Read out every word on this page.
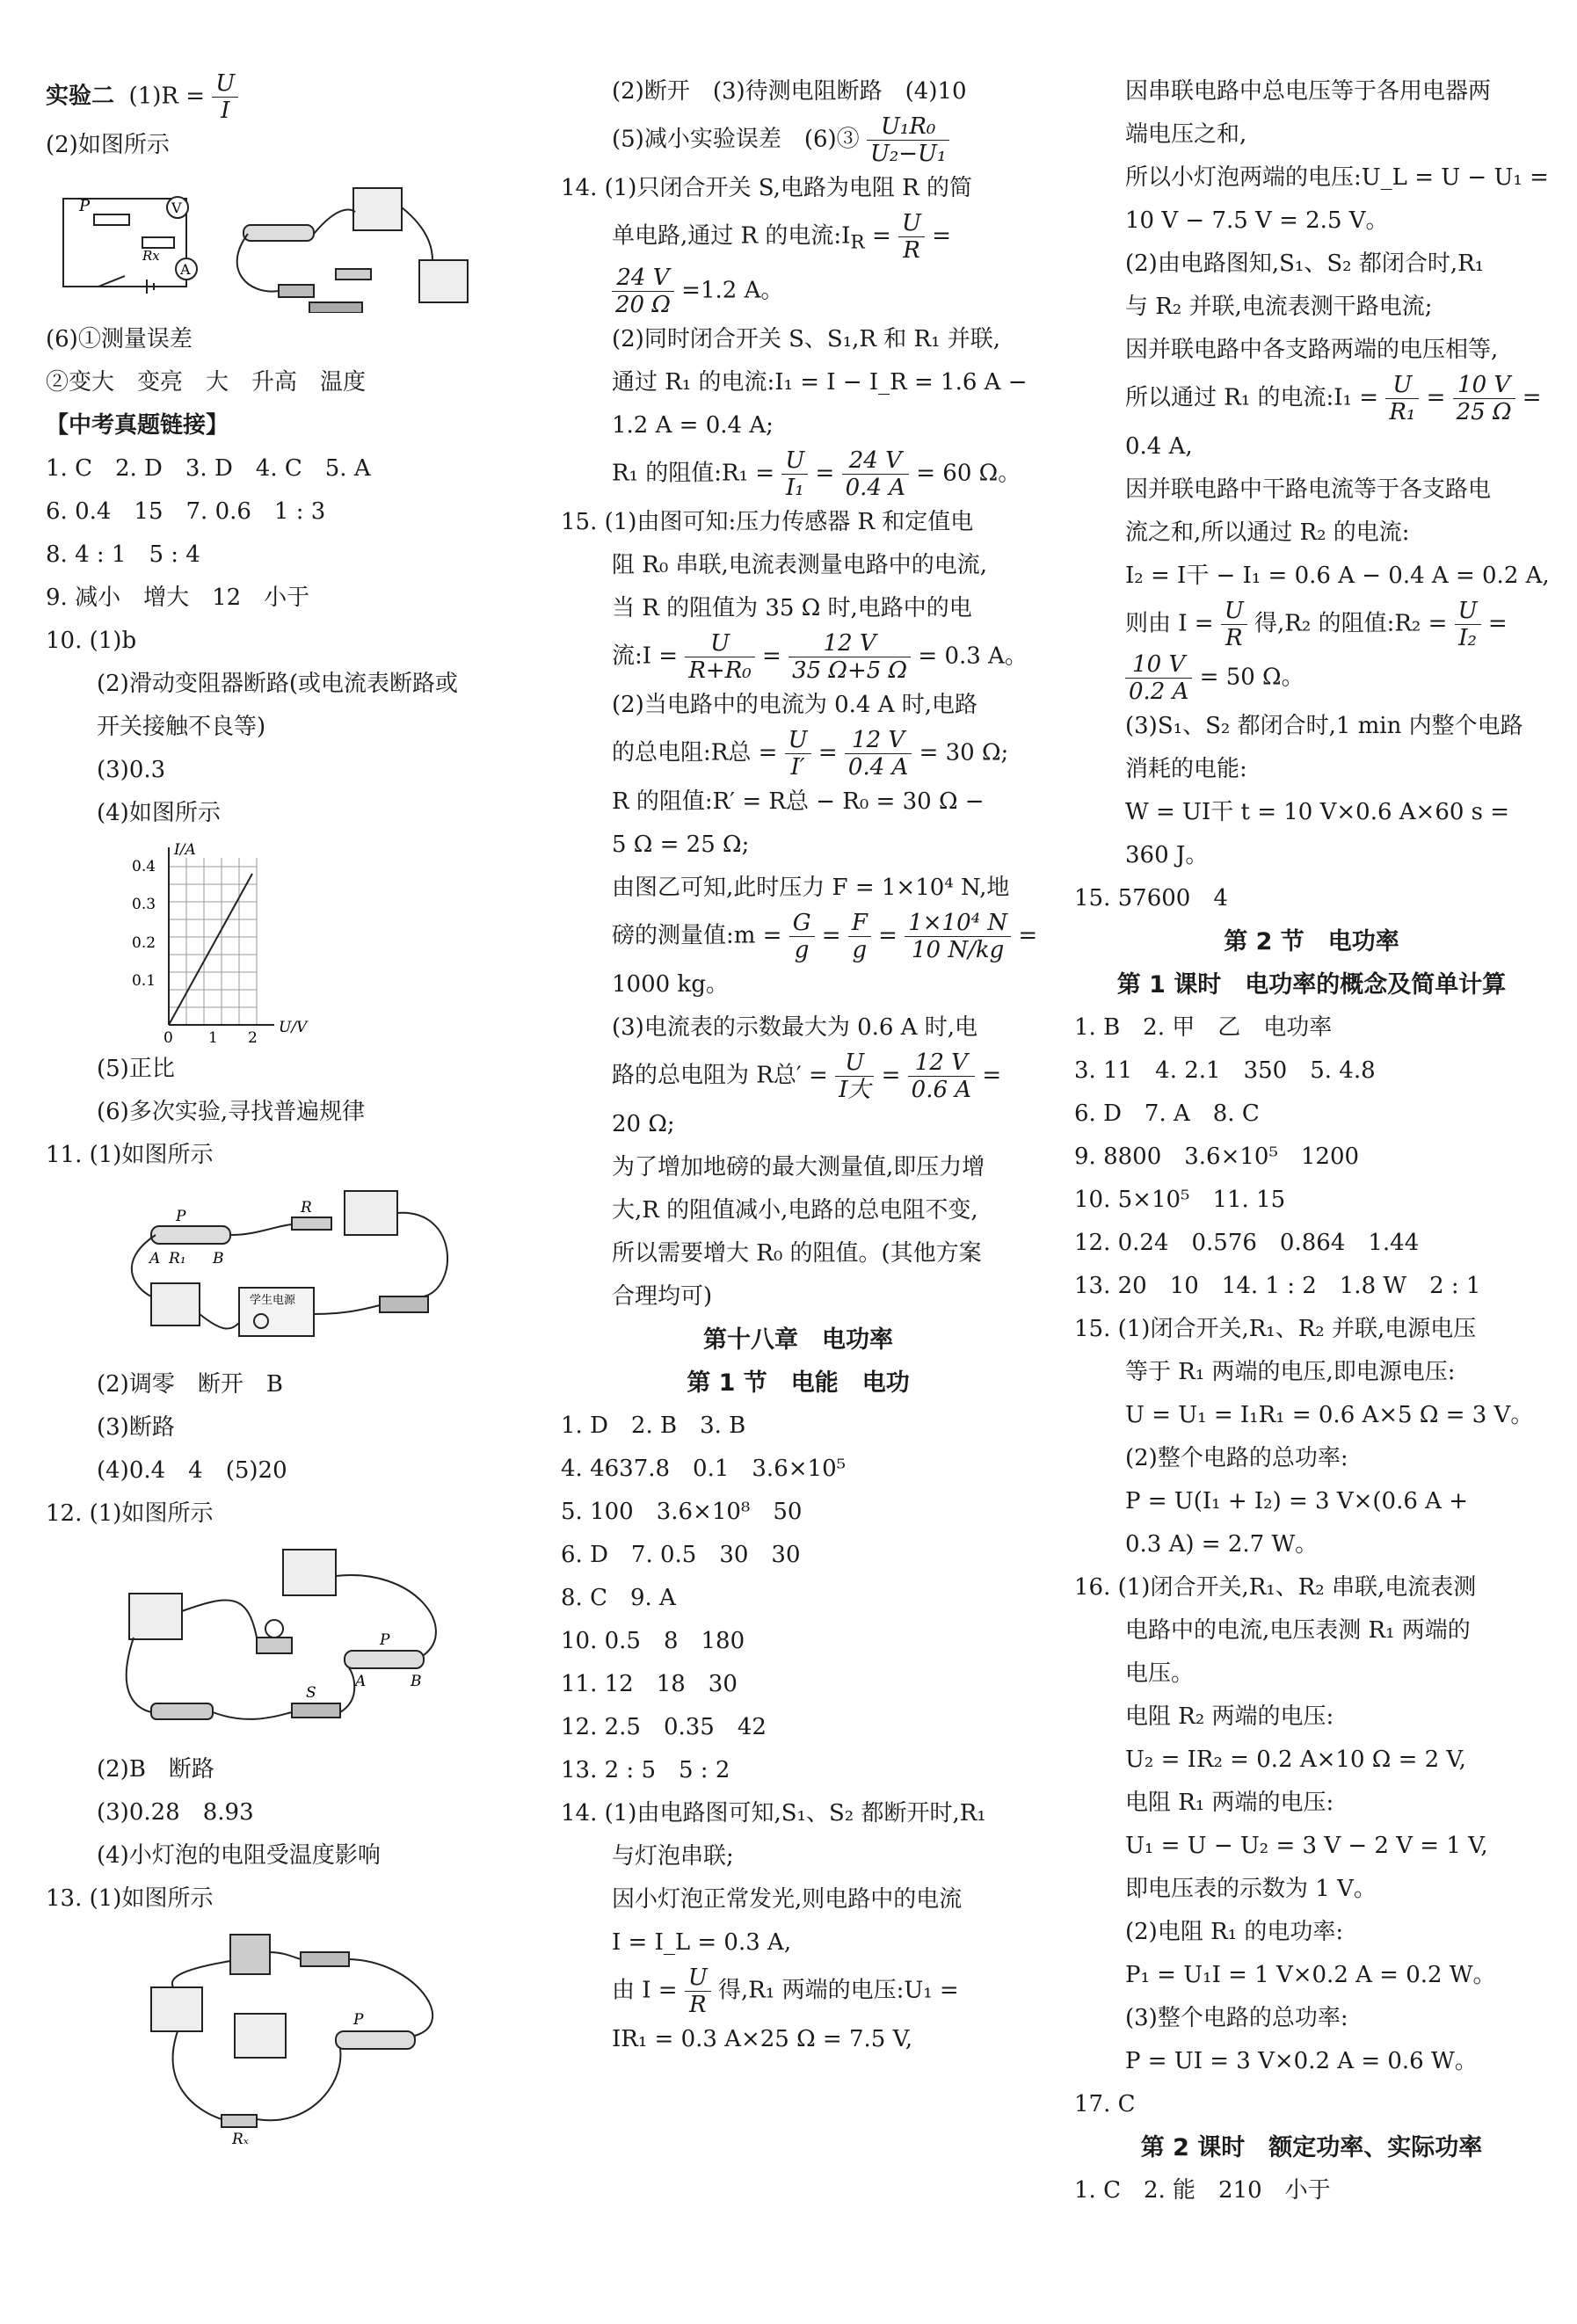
实验二 $(1)R = \frac{U}{I}$
(2)如图所示
P	V
A
Rx
(6)①测量误差
②变大　变亮　大　升高　温度
【中考真题链接】
1. C　2. D　3. D　4. C　5. A
6. 0.4　15　7. 0.6　1 : 3
8. 4 : 1　5 : 4
9. 减小　增大　12　小于
10. (1)b
(2)滑动变阻器断路(或电流表断路或
开关接触不良等)
(3)0.3
(4)如图所示
I/A
U/V
0.4
0.3
0.2
0.1
0 1 2
(5)正比
(6)多次实验,寻找普遍规律
11. (1)如图所示
P	R
A R₁ B
学生电源
(2)调零　断开　B
(3)断路
(4)0.4　4　(5)20
12. (1)如图所示
P
A	B
S
(2)B　断路
(3)0.28　8.93
(4)小灯泡的电阻受温度影响
13. (1)如图所示
P
Rₓ
(2)断开　(3)待测电阻断路　(4)10
(5)减小实验误差　(6)③ $\frac{\text{U₁R₀}}{\text{U₂−U₁}}$
14. (1)只闭合开关 S,电路为电阻 R 的简
单电路,通过 R 的电流$:I_R = \frac{U}{R}$ =
$\frac{24 V}{20 \Omega} =1.2$ A。
(2)同时闭合开关 S、S₁,R 和 R₁ 并联,
通过 R₁ 的电流:I₁ = I − I_R = 1.6 A −
1.2 A = 0.4 A;
R₁ 的阻值:R₁ = $\frac{U}{\text{I₁}} = \frac{24 V}{0.4 A} = 60$ Ω。
15. (1)由图可知:压力传感器 R 和定值电
阻 R₀ 串联,电流表测量电路中的电流,
当 R 的阻值为 35 Ω 时,电路中的电
流:I = $\frac{U}{\text{R+R₀}} = \frac{12 V}{35 \Omega+5 \Omega} = 0.3$ A。
(2)当电路中的电流为 0.4 A 时,电路
的总电阻:R总 = $\frac{U}{I'} = \frac{12 V}{0.4 A} = 30$ Ω;
R 的阻值:R′ = R总 − R₀ = 30 Ω −
5 Ω = 25 Ω;
由图乙可知,此时压力 F = 1×10⁴ N,地
磅的测量值:m = $\frac{G}{g} = \frac{F}{g} = \frac{\text{1×10⁴ N}}{10 N/kg}$ =
1000 kg。
(3)电流表的示数最大为 0.6 A 时,电
路的总电阻为 R总′ = U
I大
= $\frac{12 V}{0.6 A}$ =
20 Ω;
为了增加地磅的最大测量值,即压力增
大,R 的阻值减小,电路的总电阻不变,
所以需要增大 R₀ 的阻值。(其他方案
合理均可)
第十八章　电功率
第 1 节　电能　电功
1. D　2. B　3. B
4. 4637.8　0.1　3.6×10⁵
5. 100　3.6×10⁸　50
6. D　7. 0.5　30　30
8. C　9. A
10. 0.5　8　180
11. 12　18　30
12. 2.5　0.35　42
13. 2 : 5　5 : 2
14. (1)由电路图可知,S₁、S₂ 都断开时,R₁
与灯泡串联;
因小灯泡正常发光,则电路中的电流
I = I_L = 0.3 A,
由 $I = \frac{U}{R}$ 得,R₁ 两端的电压:U₁ =
IR₁ = 0.3 A×25 Ω = 7.5 V,
因串联电路中总电压等于各用电器两
端电压之和,
所以小灯泡两端的电压:U_L = U − U₁ =
10 V − 7.5 V = 2.5 V。
(2)由电路图知,S₁、S₂ 都闭合时,R₁
与 R₂ 并联,电流表测干路电流;
因并联电路中各支路两端的电压相等,
所以通过 R₁ 的电流:I₁ = $\frac{U}{\text{R₁}} = \frac{10 V}{25 \Omega}$ =
0.4 A,
因并联电路中干路电流等于各支路电
流之和,所以通过 R₂ 的电流:
I₂ = I干 − I₁ = 0.6 A − 0.4 A = 0.2 A,
则由 $I = \frac{U}{R}$ 得,R₂ 的阻值:R₂ = $\frac{U}{\text{I₂}}$ =
$\frac{10 V}{0.2 A} = 50$ Ω。
(3)S₁、S₂ 都闭合时,1 min 内整个电路
消耗的电能:
W = UI干 t = 10 V×0.6 A×60 s =
360 J。
15. 57600　4
第 2 节　电功率
第 1 课时　电功率的概念及简单计算
1. B　2. 甲　乙　电功率
3. 11　4. 2.1　350　5. 4.8
6. D　7. A　8. C
9. 8800　3.6×10⁵　1200
10. 5×10⁵　11. 15
12. 0.24　0.576　0.864　1.44
13. 20　10　14. 1 : 2　1.8 W　2 : 1
15. (1)闭合开关,R₁、R₂ 并联,电源电压
等于 R₁ 两端的电压,即电源电压:
U = U₁ = I₁R₁ = 0.6 A×5 Ω = 3 V。
(2)整个电路的总功率:
P = U(I₁ + I₂) = 3 V×(0.6 A +
0.3 A) = 2.7 W。
16. (1)闭合开关,R₁、R₂ 串联,电流表测
电路中的电流,电压表测 R₁ 两端的
电压。
电阻 R₂ 两端的电压:
U₂ = IR₂ = 0.2 A×10 Ω = 2 V,
电阻 R₁ 两端的电压:
U₁ = U − U₂ = 3 V − 2 V = 1 V,
即电压表的示数为 1 V。
(2)电阻 R₁ 的电功率:
P₁ = U₁I = 1 V×0.2 A = 0.2 W。
(3)整个电路的总功率:
P = UI = 3 V×0.2 A = 0.6 W。
17. C
第 2 课时　额定功率、实际功率
1. C　2. 能　210　小于
